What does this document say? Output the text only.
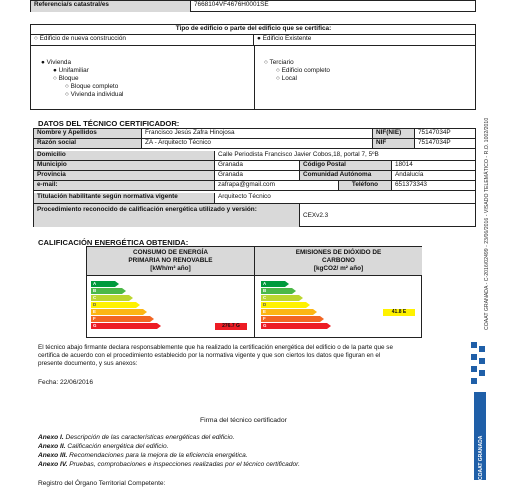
Referencia/s catastral/es	7668104VF4676H0001SE
Tipo de edificio o parte del edificio que se certifica:
○ Edificio de nueva construcción	● Edificio Existente
● Vivienda
● Unifamiliar
○ Bloque
○ Bloque completo
○ Vivienda individual
○ Terciario
○ Edificio completo
○ Local
DATOS DEL TÉCNICO CERTIFICADOR:
Nombre y Apellidos	Francisco Jesús Zafra Hinojosa	NIF(NIE)	75147034P
Razón social	ZA - Arquitecto Técnico	NIF	75147034P
Domicilio	Calle Periodista Francisco Javier Cobos,18, portal 7, 5ºB
Municipio	Granada	Código Postal	18014
Provincia	Granada	Comunidad Autónoma	Andalucía
e-mail:	zafrapa@gmail.com	Teléfono	651373343
Titulación habilitante según normativa vigente	Arquitecto Técnico
Procedimiento reconocido de calificación energética utilizado y versión:
CEXv2.3
CALIFICACIÓN ENERGÉTICA OBTENIDA:
CONSUMO DE ENERGÍA
PRIMARIA NO RENOVABLE
[kWh/m² año]
EMISIONES DE DIÓXIDO DE
CARBONO
[kgCO2/ m² año]
A
B
C
D
E
F
G	276.7 G
A
B
C
D
E
F
G
41.8 E
El técnico abajo firmante declara responsablemente que ha realizado la certificación energética del edificio o de la parte que se
certifica de acuerdo con el procedimiento establecido por la normativa vigente y que son ciertos los datos que figuran en el
presente documento, y sus anexos:
Fecha: 22/06/2016
Firma del técnico certificador
Anexo I. Descripción de las características energéticas del edificio.
Anexo II. Calificación energética del edificio.
Anexo III. Recomendaciones para la mejora de la eficiencia energética.
Anexo IV. Pruebas, comprobaciones e inspecciones realizadas por el técnico certificador.
Registro del Órgano Territorial Competente:
COAAT GRANADA - C-2016/02499 - 23/06/2016 - VISADO TELEMÁTICO - R.O. 1002/2010
COAAT GRANADA
